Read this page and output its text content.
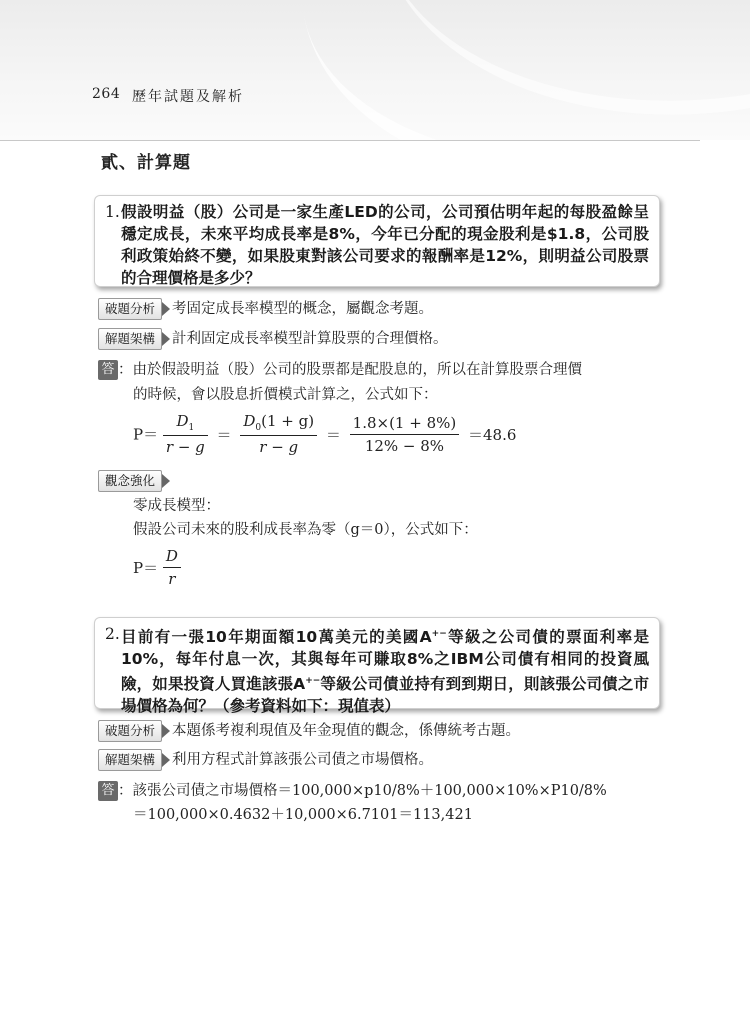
264 歷年試題及解析
貳、計算題
1. 假設明益（股）公司是一家生產LED的公司，公司預估明年起的每股盈餘呈穩定成長，未來平均成長率是8%，今年已分配的現金股利是$1.8，公司股利政策始終不變，如果股東對該公司要求的報酬率是12%，則明益公司股票的合理價格是多少？
破題分析 考固定成長率模型的概念，屬觀念考題。
解題架構 計利固定成長率模型計算股票的合理價格。
答 ：由於假設明益（股）公司的股票都是配股息的，所以在計算股票合理價
的時候，會以股息折價模式計算之，公式如下：
$P= \frac{D_1}{r - g} = \frac{D_0(1 + g)}{r - g} = \frac{1.8\times(1 + 8\%)}{12\% - 8\%} =48.6$
觀念強化
零成長模型：
假設公司未來的股利成長率為零（g＝0），公式如下：
$P= \frac{D}{r}$
2. 目前有一張10年期面額10萬美元的美國A+−等級之公司債的票面利率是10%，每年付息一次，其與每年可賺取8%之IBM公司債有相同的投資風險，如果投資人買進該張A+−等級公司債並持有到到期日，則該張公司債之市場價格為何？（參考資料如下：現值表）
破題分析 本題係考複利現值及年金現值的觀念，係傳統考古題。
解題架構 利用方程式計算該張公司債之市場價格。
答 ：該張公司債之市場價格＝100,000×p10/8%＋100,000×10%×P10/8%
＝100,000×0.4632＋10,000×6.7101＝113,421
